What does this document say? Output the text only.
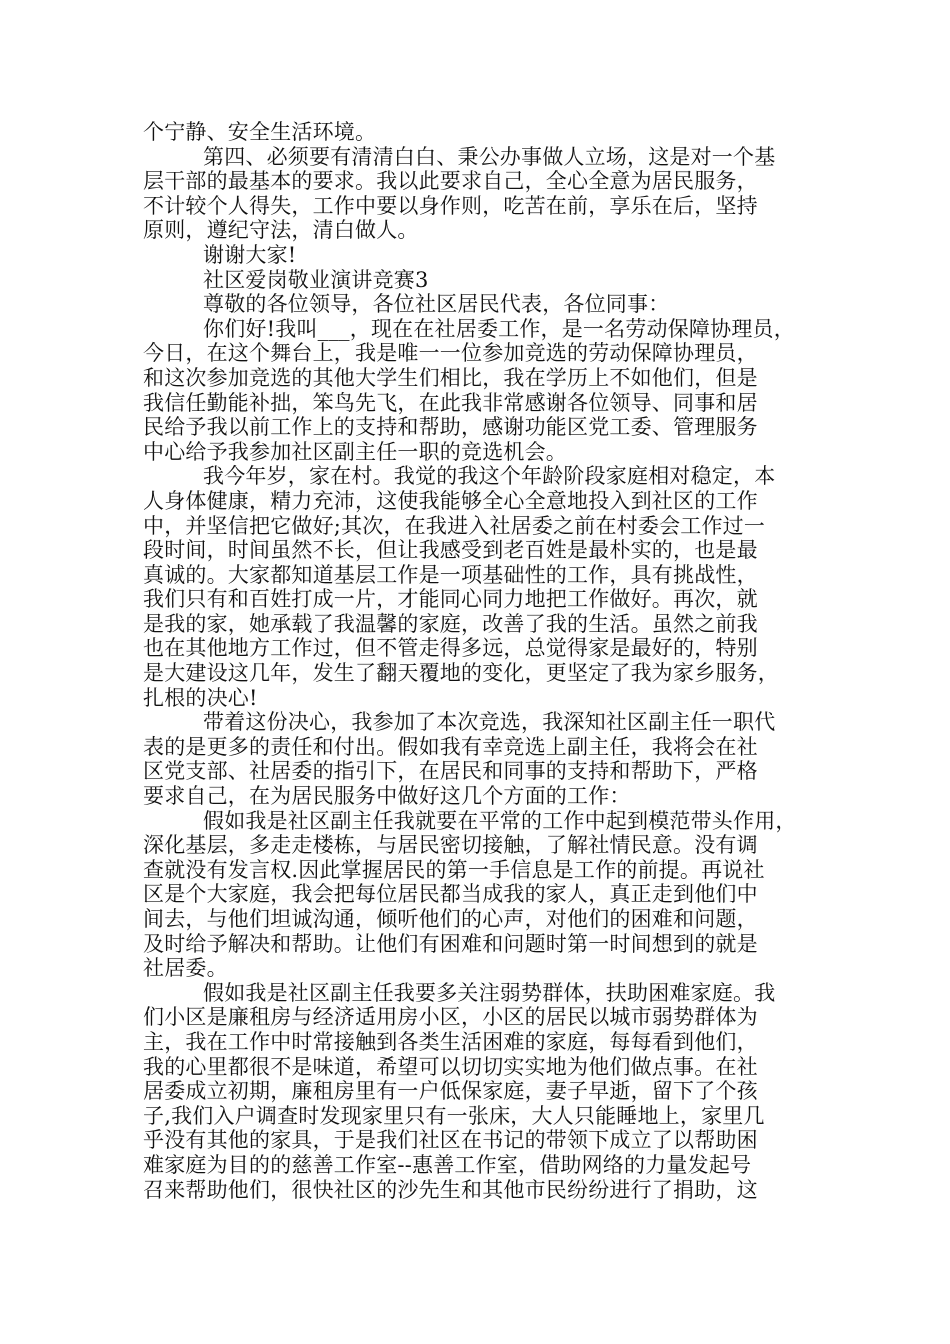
个宁静、安全生活环境。
第四、必须要有清清白白、秉公办事做人立场，这是对一个基
层干部的最基本的要求。我以此要求自己，全心全意为居民服务，
不计较个人得失，工作中要以身作则，吃苦在前，享乐在后，坚持
原则，遵纪守法，清白做人。
谢谢大家!
社区爱岗敬业演讲竞赛3
尊敬的各位领导，各位社区居民代表，各位同事：
你们好!我叫___，现在在社居委工作，是一名劳动保障协理员，
今日，在这个舞台上，我是唯一一位参加竞选的劳动保障协理员，
和这次参加竞选的其他大学生们相比，我在学历上不如他们，但是
我信任勤能补拙，笨鸟先飞，在此我非常感谢各位领导、同事和居
民给予我以前工作上的支持和帮助，感谢功能区党工委、管理服务
中心给予我参加社区副主任一职的竞选机会。
我今年岁，家在村。我觉的我这个年龄阶段家庭相对稳定，本
人身体健康，精力充沛，这使我能够全心全意地投入到社区的工作
中，并坚信把它做好;其次，在我进入社居委之前在村委会工作过一
段时间，时间虽然不长，但让我感受到老百姓是最朴实的，也是最
真诚的。大家都知道基层工作是一项基础性的工作，具有挑战性，
我们只有和百姓打成一片，才能同心同力地把工作做好。再次，就
是我的家，她承载了我温馨的家庭，改善了我的生活。虽然之前我
也在其他地方工作过，但不管走得多远，总觉得家是最好的，特别
是大建设这几年，发生了翻天覆地的变化，更坚定了我为家乡服务，
扎根的决心!
带着这份决心，我参加了本次竞选，我深知社区副主任一职代
表的是更多的责任和付出。假如我有幸竞选上副主任，我将会在社
区党支部、社居委的指引下，在居民和同事的支持和帮助下，严格
要求自己，在为居民服务中做好这几个方面的工作：
假如我是社区副主任我就要在平常的工作中起到模范带头作用，
深化基层，多走走楼栋，与居民密切接触，了解社情民意。没有调
查就没有发言权.因此掌握居民的第一手信息是工作的前提。再说社
区是个大家庭，我会把每位居民都当成我的家人，真正走到他们中
间去，与他们坦诚沟通，倾听他们的心声，对他们的困难和问题，
及时给予解决和帮助。让他们有困难和问题时第一时间想到的就是
社居委。
假如我是社区副主任我要多关注弱势群体，扶助困难家庭。我
们小区是廉租房与经济适用房小区，小区的居民以城市弱势群体为
主，我在工作中时常接触到各类生活困难的家庭，每每看到他们，
我的心里都很不是味道，希望可以切切实实地为他们做点事。在社
居委成立初期，廉租房里有一户低保家庭，妻子早逝，留下了个孩
子,我们入户调查时发现家里只有一张床，大人只能睡地上，家里几
乎没有其他的家具，于是我们社区在书记的带领下成立了以帮助困
难家庭为目的的慈善工作室--惠善工作室，借助网络的力量发起号
召来帮助他们，很快社区的沙先生和其他市民纷纷进行了捐助，这
